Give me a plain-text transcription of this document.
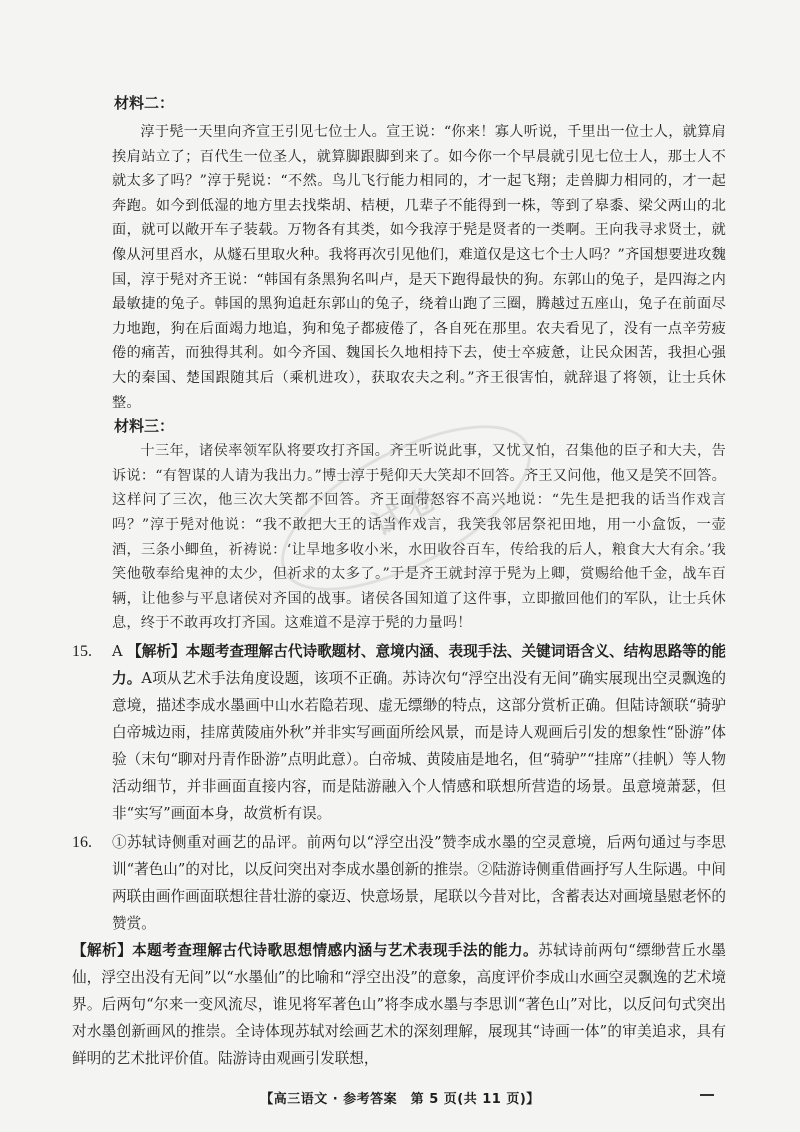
材料二：

淳于髡一天里向齐宣王引见七位士人。宣王说：“你来！寡人听说，千里出一位士人，就算肩挨肩站立了；百代生一位圣人，就算脚跟脚到来了。如今你一个早晨就引见七位士人，那士人不就太多了吗？”淳于髡说：“不然。鸟儿飞行能力相同的，才一起飞翔；走兽脚力相同的，才一起奔跑。如今到低湿的地方里去找柴胡、桔梗，几辈子不能得到一株，等到了皋黍、梁父两山的北面，就可以敞开车子装载。万物各有其类，如今我淳于髡是贤者的一类啊。王向我寻求贤士，就像从河里舀水，从燧石里取火种。我将再次引见他们，难道仅是这七个士人吗？”齐国想要进攻魏国，淳于髡对齐王说：“韩国有条黑狗名叫卢，是天下跑得最快的狗。东郭山的兔子，是四海之内最敏捷的兔子。韩国的黑狗追赶东郭山的兔子，绕着山跑了三圈，腾越过五座山，兔子在前面尽力地跑，狗在后面竭力地追，狗和兔子都疲倦了，各自死在那里。农夫看见了，没有一点辛劳疲倦的痛苦，而独得其利。如今齐国、魏国长久地相持下去，使士卒疲惫，让民众困苦，我担心强大的秦国、楚国跟随其后（乘机进攻），获取农夫之利。”齐王很害怕，就辞退了将领，让士兵休整。

材料三：

十三年，诸侯率领军队将要攻打齐国。齐王听说此事，又忧又怕，召集他的臣子和大夫，告诉说：“有智谋的人请为我出力。”博士淳于髡仰天大笑却不回答。齐王又问他，他又是笑不回答。这样问了三次，他三次大笑都不回答。齐王面带怒容不高兴地说：“先生是把我的话当作戏言吗？”淳于髡对他说：“我不敢把大王的话当作戏言，我笑我邻居祭祀田地，用一小盒饭，一壶酒，三条小鲫鱼，祈祷说：‘让旱地多收小米，水田收谷百车，传给我的后人，粮食大大有余。’我笑他敬奉给鬼神的太少，但祈求的太多了。”于是齐王就封淳于髡为上卿，赏赐给他千金，战车百辆，让他参与平息诸侯对齐国的战事。诸侯各国知道了这件事，立即撤回他们的军队，让士兵休息，终于不敢再攻打齐国。这难道不是淳于髡的力量吗！

15. A 【解析】本题考查理解古代诗歌题材、意境内涵、表现手法、关键词语含义、结构思路等的能力。A项从艺术手法角度设题，该项不正确。苏诗次句“浮空出没有无间”确实展现出空灵飘逸的意境，描述李成水墨画中山水若隐若现、虚无缥缈的特点，这部分赏析正确。但陆诗颔联“骑驴白帝城边雨，挂席黄陵庙外秋”并非实写画面所绘风景，而是诗人观画后引发的想象性“卧游”体验（末句“聊对丹青作卧游”点明此意）。白帝城、黄陵庙是地名，但“骑驴”“挂席”（挂帆）等人物活动细节，并非画面直接内容，而是陆游融入个人情感和联想所营造的场景。虽意境萧瑟，但非“实写”画面本身，故赏析有误。

16. ①苏轼诗侧重对画艺的品评。前两句以“浮空出没”赞李成水墨的空灵意境，后两句通过与李思训“著色山”的对比，以反问突出对李成水墨创新的推崇。②陆游诗侧重借画抒写人生际遇。中间两联由画作画面联想往昔壮游的豪迈、快意场景，尾联以今昔对比，含蓄表达对画境垦慰老怀的赞赏。

【解析】本题考查理解古代诗歌思想情感内涵与艺术表现手法的能力。苏轼诗前两句“缥缈营丘水墨仙，浮空出没有无间”以“水墨仙”的比喻和“浮空出没”的意象，高度评价李成山水画空灵飘逸的艺术境界。后两句“尔来一变风流尽，谁见将军著色山”将李成水墨与李思训“著色山”对比，以反问句式突出对水墨创新画风的推崇。全诗体现苏轼对绘画艺术的深刻理解，展现其“诗画一体”的审美追求，具有鲜明的艺术批评价值。陆游诗由观画引发联想，

试卷
【高三语文 · 参考答案　第 5 页(共 11 页)】
